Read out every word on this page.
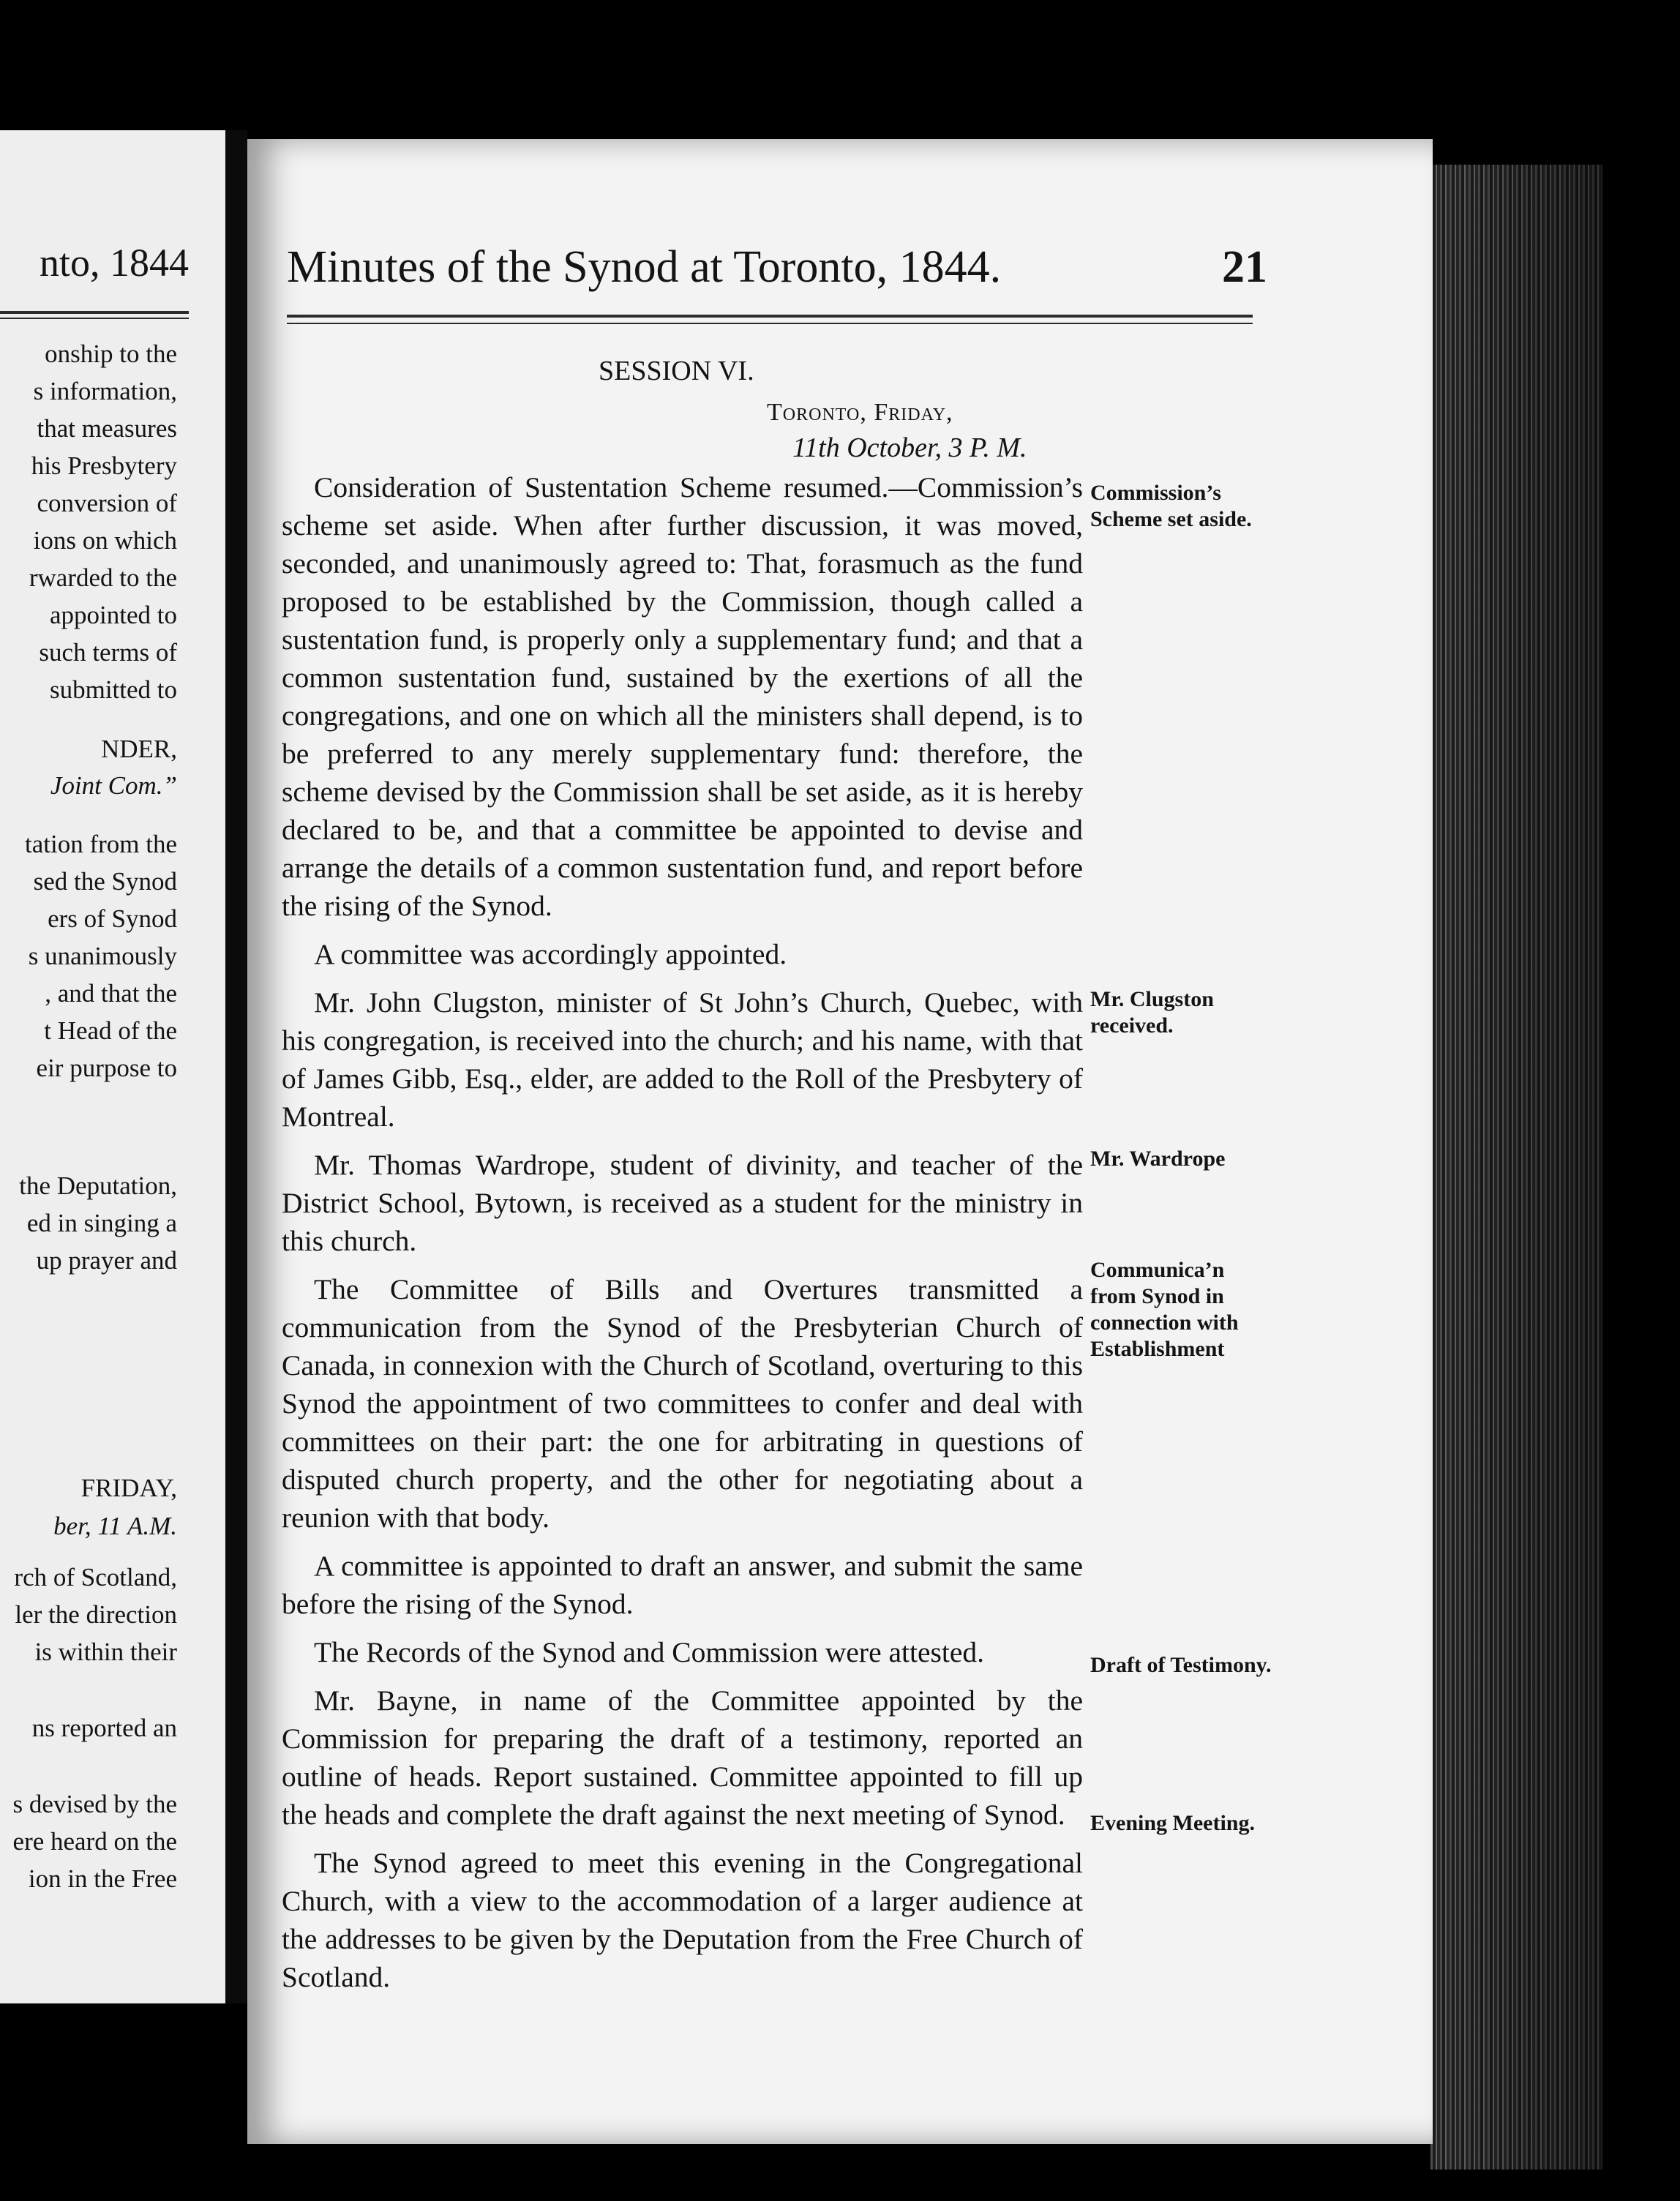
nto, 1844
onship to the
s information,
that measures
his Presbytery
conversion of
ions on which
rwarded to the
appointed to
such terms of
submitted to
NDER,
Joint Com.”
tation from the
sed the Synod
ers of Synod
s unanimously
, and that the
t Head of the
eir purpose to
the Deputation,
ed in singing a
up prayer and
FRIDAY,
ber, 11 A.M.
rch of Scotland,
ler the direction
is within their
ns reported an
s devised by the
ere heard on the
ion in the Free
Minutes of the Synod at Toronto, 1844.	21
SESSION VI.
Toronto, Friday,
11th October, 3 P. M.

Consideration of Sustentation Scheme resumed.—Commission’s scheme set aside. When after further discussion, it was moved, seconded, and unanimously agreed to: That, forasmuch as the fund proposed to be established by the Commission, though called a sustentation fund, is properly only a supplementary fund; and that a common sustentation fund, sustained by the exertions of all the congregations, and one on which all the ministers shall depend, is to be preferred to any merely supplementary fund: therefore, the scheme devised by the Commission shall be set aside, as it is hereby declared to be, and that a committee be appointed to devise and arrange the details of a common sustentation fund, and report before the rising of the Synod.

A committee was accordingly appointed.

Mr. John Clugston, minister of St John’s Church, Quebec, with his congregation, is received into the church; and his name, with that of James Gibb, Esq., elder, are added to the Roll of the Presbytery of Montreal.

Mr. Thomas Wardrope, student of divinity, and teacher of the District School, Bytown, is received as a student for the ministry in this church.

The Committee of Bills and Overtures transmitted a communication from the Synod of the Presbyterian Church of Canada, in connexion with the Church of Scotland, overturing to this Synod the appointment of two committees to confer and deal with committees on their part: the one for arbitrating in questions of disputed church property, and the other for negotiating about a reunion with that body.

A committee is appointed to draft an answer, and submit the same before the rising of the Synod.

The Records of the Synod and Commission were attested.

Mr. Bayne, in name of the Committee appointed by the Commission for preparing the draft of a testimony, reported an outline of heads. Report sustained. Committee appointed to fill up the heads and complete the draft against the next meeting of Synod.

The Synod agreed to meet this evening in the Congregational Church, with a view to the accommodation of a larger audience at the addresses to be given by the Deputation from the Free Church of Scotland.

Commission’s Scheme set aside.
Mr. Clugston received.
Mr. Wardrope
Communica’n from Synod in connection with Establishment
Draft of Testimony.
Evening Meeting.
